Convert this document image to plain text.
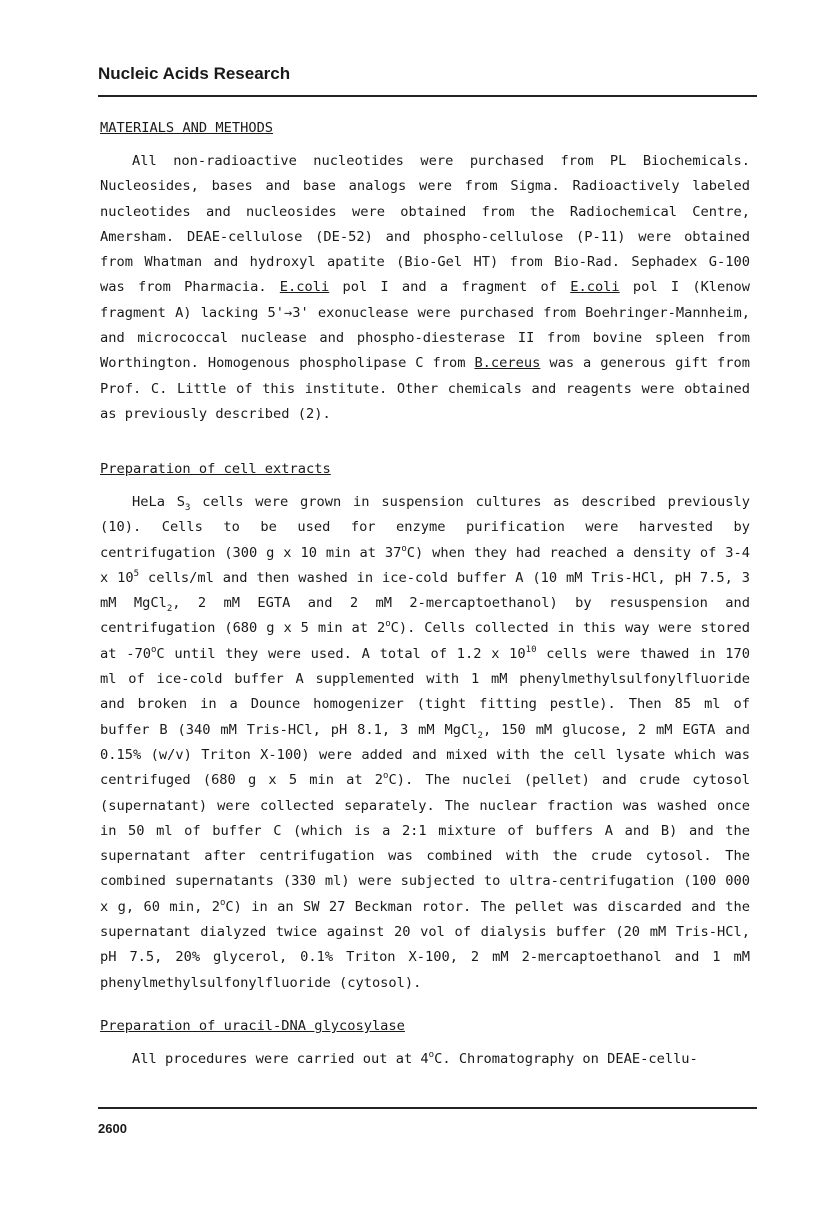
Nucleic Acids Research
MATERIALS AND METHODS
All non-radioactive nucleotides were purchased from PL Biochemicals. Nucleosides, bases and base analogs were from Sigma. Radioactively labeled nucleotides and nucleosides were obtained from the Radiochemical Centre, Amersham. DEAE-cellulose (DE-52) and phospho-cellulose (P-11) were obtained from Whatman and hydroxyl apatite (Bio-Gel HT) from Bio-Rad. Sephadex G-100 was from Pharmacia. E.coli pol I and a fragment of E.coli pol I (Klenow fragment A) lacking 5'→3' exonuclease were purchased from Boehringer-Mannheim, and micrococcal nuclease and phospho-diesterase II from bovine spleen from Worthington. Homogenous phospholipase C from B.cereus was a generous gift from Prof. C. Little of this institute. Other chemicals and reagents were obtained as previously described (2).
Preparation of cell extracts
HeLa $S_3$ cells were grown in suspension cultures as described previously (10). Cells to be used for enzyme purification were harvested by centrifugation (300 g x 10 min at 37$^o$C) when they had reached a density of 3-4 x $10^5$ cells/ml and then washed in ice-cold buffer A (10 mM Tris-HCl, pH 7.5, 3 mM MgCl$_2$, 2 mM EGTA and 2 mM 2-mercaptoethanol) by resuspension and centrifugation (680 g x 5 min at 2$^o$C). Cells collected in this way were stored at -70$^o$C until they were used. A total of 1.2 x $10^{10}$ cells were thawed in 170 ml of ice-cold buffer A supplemented with 1 mM phenylmethylsulfonylfluoride and broken in a Dounce homogenizer (tight fitting pestle). Then 85 ml of buffer B (340 mM Tris-HCl, pH 8.1, 3 mM MgCl$_2$, 150 mM glucose, 2 mM EGTA and 0.15% (w/v) Triton X-100) were added and mixed with the cell lysate which was centrifuged (680 g x 5 min at 2$^o$C). The nuclei (pellet) and crude cytosol (supernatant) were collected separately. The nuclear fraction was washed once in 50 ml of buffer C (which is a 2:1 mixture of buffers A and B) and the supernatant after centrifugation was combined with the crude cytosol. The combined supernatants (330 ml) were subjected to ultra-centrifugation (100 000 x g, 60 min, 2$^o$C) in an SW 27 Beckman rotor. The pellet was discarded and the supernatant dialyzed twice against 20 vol of dialysis buffer (20 mM Tris-HCl, pH 7.5, 20% glycerol, 0.1% Triton X-100, 2 mM 2-mercaptoethanol and 1 mM phenylmethylsulfonylfluoride (cytosol).
Preparation of uracil-DNA glycosylase
All procedures were carried out at 4$^o$C. Chromatography on DEAE-cellu-
2600
